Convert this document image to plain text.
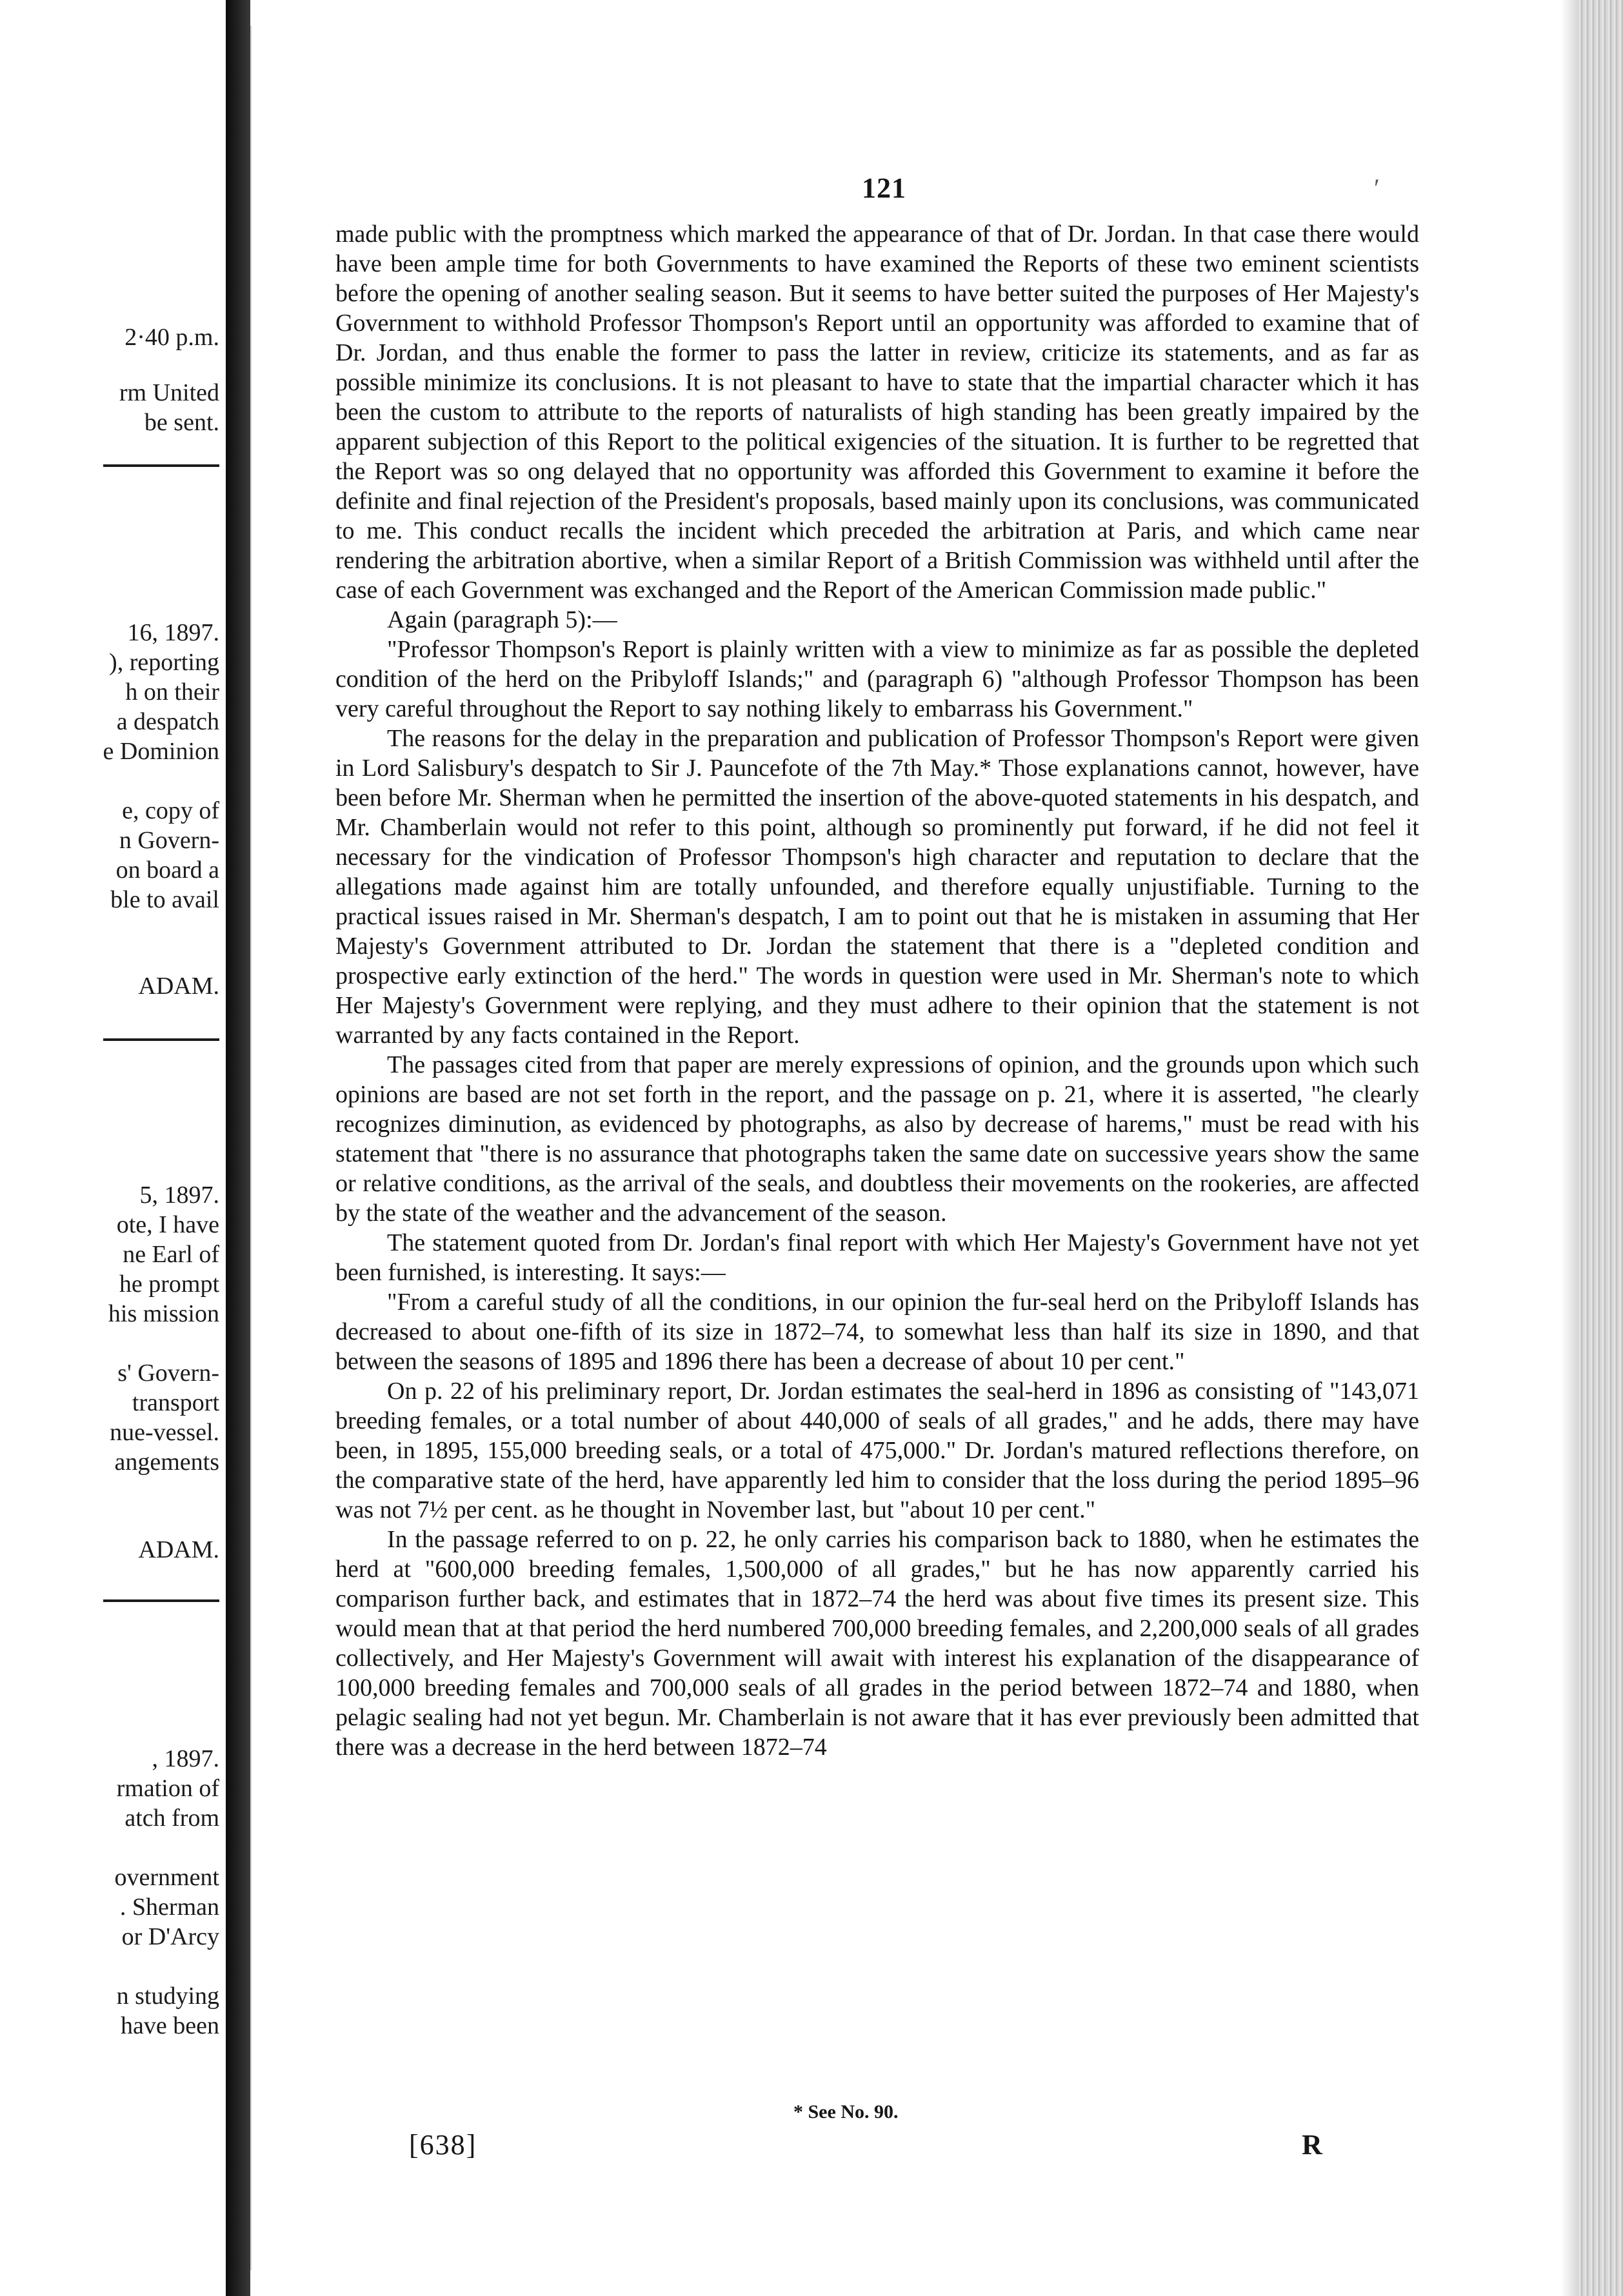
2·40 p.m.

rm United

be sent.

16, 1897.

), reporting

h on their

a despatch

e Dominion

e, copy of

n Govern-

on board a

ble to avail

ADAM.

5, 1897.

ote, I have

ne Earl of

he prompt

his mission

s' Govern-

transport

nue-vessel.

angements

ADAM.

, 1897.

rmation of

atch from

overnment

. Sherman

or D'Arcy

n studying

have been

121	′

made public with the promptness which marked the appearance of that of Dr. Jordan. In that case there would have been ample time for both Governments to have examined the Reports of these two eminent scientists before the opening of another sealing season. But it seems to have better suited the purposes of Her Majesty's Government to withhold Professor Thompson's Report until an opportunity was afforded to examine that of Dr. Jordan, and thus enable the former to pass the latter in review, criticize its statements, and as far as possible minimize its conclusions. It is not pleasant to have to state that the impartial character which it has been the custom to attribute to the reports of naturalists of high standing has been greatly impaired by the apparent subjection of this Report to the political exigencies of the situation. It is further to be regretted that the Report was so ong delayed that no opportunity was afforded this Government to examine it before the definite and final rejection of the President's proposals, based mainly upon its conclusions, was communicated to me. This conduct recalls the incident which preceded the arbitration at Paris, and which came near rendering the arbitration abortive, when a similar Report of a British Commission was withheld until after the case of each Government was exchanged and the Report of the American Commission made public."

Again (paragraph 5):—

"Professor Thompson's Report is plainly written with a view to minimize as far as possible the depleted condition of the herd on the Pribyloff Islands;" and (paragraph 6) "although Professor Thompson has been very careful throughout the Report to say nothing likely to embarrass his Government."

The reasons for the delay in the preparation and publication of Professor Thompson's Report were given in Lord Salisbury's despatch to Sir J. Pauncefote of the 7th May.* Those explanations cannot, however, have been before Mr. Sherman when he permitted the insertion of the above-quoted statements in his despatch, and Mr. Chamberlain would not refer to this point, although so prominently put forward, if he did not feel it necessary for the vindication of Professor Thompson's high character and reputation to declare that the allegations made against him are totally unfounded, and therefore equally unjustifiable. Turning to the practical issues raised in Mr. Sherman's despatch, I am to point out that he is mistaken in assuming that Her Majesty's Government attributed to Dr. Jordan the statement that there is a "depleted condition and prospective early extinction of the herd." The words in question were used in Mr. Sherman's note to which Her Majesty's Government were replying, and they must adhere to their opinion that the statement is not warranted by any facts contained in the Report.

The passages cited from that paper are merely expressions of opinion, and the grounds upon which such opinions are based are not set forth in the report, and the passage on p. 21, where it is asserted, "he clearly recognizes diminution, as evidenced by photographs, as also by decrease of harems," must be read with his statement that "there is no assurance that photographs taken the same date on successive years show the same or relative conditions, as the arrival of the seals, and doubtless their movements on the rookeries, are affected by the state of the weather and the advancement of the season.

The statement quoted from Dr. Jordan's final report with which Her Majesty's Government have not yet been furnished, is interesting. It says:—

"From a careful study of all the conditions, in our opinion the fur-seal herd on the Pribyloff Islands has decreased to about one-fifth of its size in 1872–74, to somewhat less than half its size in 1890, and that between the seasons of 1895 and 1896 there has been a decrease of about 10 per cent."

On p. 22 of his preliminary report, Dr. Jordan estimates the seal-herd in 1896 as consisting of "143,071 breeding females, or a total number of about 440,000 of seals of all grades," and he adds, there may have been, in 1895, 155,000 breeding seals, or a total of 475,000." Dr. Jordan's matured reflections therefore, on the comparative state of the herd, have apparently led him to consider that the loss during the period 1895–96 was not 7½ per cent. as he thought in November last, but "about 10 per cent."

In the passage referred to on p. 22, he only carries his comparison back to 1880, when he estimates the herd at "600,000 breeding females, 1,500,000 of all grades," but he has now apparently carried his comparison further back, and estimates that in 1872–74 the herd was about five times its present size. This would mean that at that period the herd numbered 700,000 breeding females, and 2,200,000 seals of all grades collectively, and Her Majesty's Government will await with interest his explanation of the disappearance of 100,000 breeding females and 700,000 seals of all grades in the period between 1872–74 and 1880, when pelagic sealing had not yet begun. Mr. Chamberlain is not aware that it has ever previously been admitted that there was a decrease in the herd between 1872–74

* See No. 90.
[638]	R
